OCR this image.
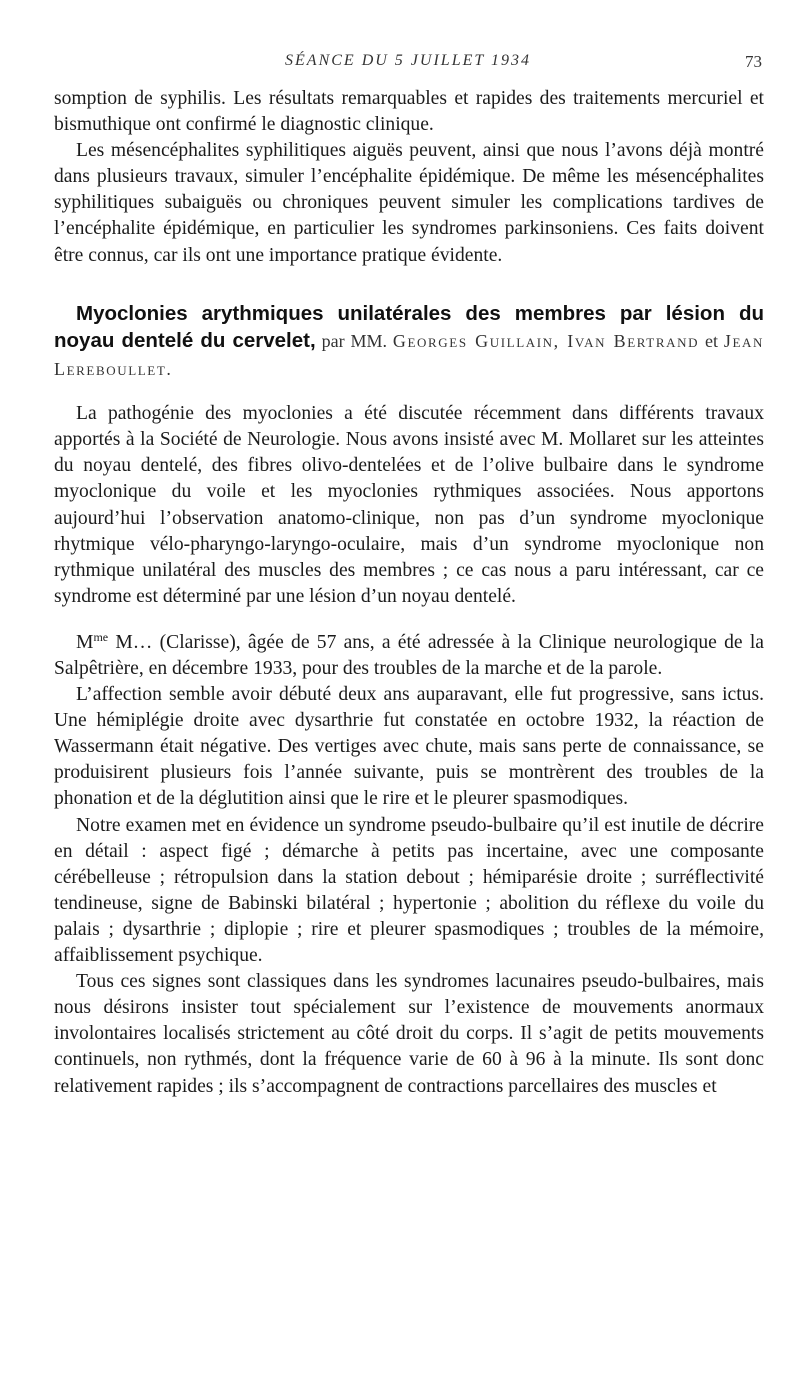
SÉANCE DU 5 JUILLET 1934	73

somption de syphilis. Les résultats remarquables et rapides des traitements mercuriel et bismuthique ont confirmé le diagnostic clinique.

Les mésencéphalites syphilitiques aiguës peuvent, ainsi que nous l’avons déjà montré dans plusieurs travaux, simuler l’encéphalite épidémique. De même les mésencéphalites syphilitiques subaiguës ou chroniques peuvent simuler les complications tardives de l’encéphalite épidémique, en particulier les syndromes parkinsoniens. Ces faits doivent être connus, car ils ont une importance pratique évidente.

Myoclonies arythmiques unilatérales des membres par lésion du noyau dentelé du cervelet, par MM. Georges Guillain, Ivan Bertrand et Jean Lereboullet.

La pathogénie des myoclonies a été discutée récemment dans différents travaux apportés à la Société de Neurologie. Nous avons insisté avec M. Mollaret sur les atteintes du noyau dentelé, des fibres olivo-dentelées et de l’olive bulbaire dans le syndrome myoclonique du voile et les myoclonies rythmiques associées. Nous apportons aujourd’hui l’observation anatomo-clinique, non pas d’un syndrome myoclonique rhytmique vélo-pharyngo-laryngo-oculaire, mais d’un syndrome myoclonique non rythmique unilatéral des muscles des membres ; ce cas nous a paru intéressant, car ce syndrome est déterminé par une lésion d’un noyau dentelé.

$M^{me}$ M… (Clarisse), âgée de 57 ans, a été adressée à la Clinique neurologique de la Salpêtrière, en décembre 1933, pour des troubles de la marche et de la parole.

L’affection semble avoir débuté deux ans auparavant, elle fut progressive, sans ictus. Une hémiplégie droite avec dysarthrie fut constatée en octobre 1932, la réaction de Wassermann était négative. Des vertiges avec chute, mais sans perte de connaissance, se produisirent plusieurs fois l’année suivante, puis se montrèrent des troubles de la phonation et de la déglutition ainsi que le rire et le pleurer spasmodiques.

Notre examen met en évidence un syndrome pseudo-bulbaire qu’il est inutile de décrire en détail : aspect figé ; démarche à petits pas incertaine, avec une composante cérébelleuse ; rétropulsion dans la station debout ; hémiparésie droite ; surréflectivité tendineuse, signe de Babinski bilatéral ; hypertonie ; abolition du réflexe du voile du palais ; dysarthrie ; diplopie ; rire et pleurer spasmodiques ; troubles de la mémoire, affaiblissement psychique.

Tous ces signes sont classiques dans les syndromes lacunaires pseudo-bulbaires, mais nous désirons insister tout spécialement sur l’existence de mouvements anormaux involontaires localisés strictement au côté droit du corps. Il s’agit de petits mouvements continuels, non rythmés, dont la fréquence varie de 60 à 96 à la minute. Ils sont donc relativement rapides ; ils s’accompagnent de contractions parcellaires des muscles et
